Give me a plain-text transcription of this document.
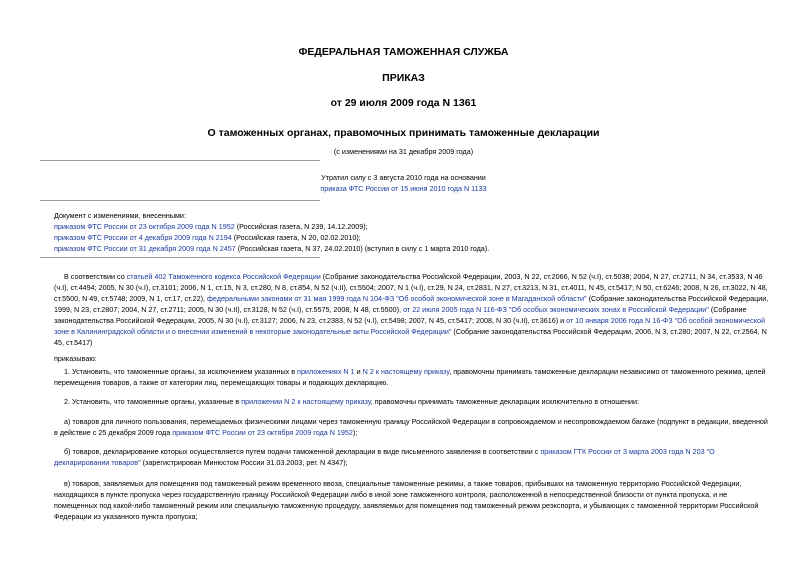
ФЕДЕРАЛЬНАЯ ТАМОЖЕННАЯ СЛУЖБА
ПРИКАЗ
от 29 июля 2009 года N 1361
О таможенных органах, правомочных принимать таможенные декларации
(с изменениями на 31 декабря 2009 года)
Утратил силу с 3 августа 2010 года на основании
приказа ФТС России от 15 июня 2010 года N 1133
Документ с изменениями, внесенными:
приказом ФТС России от 23 октября 2009 года N 1952 (Российская газета, N 239, 14.12.2009);
приказом ФТС России от 4 декабря 2009 года N 2194 (Российская газета, N 20, 02.02.2010);
приказом ФТС России от 31 декабря 2009 года N 2457 (Российская газета, N 37, 24.02.2010) (вступил в силу с 1 марта 2010 года).
В соответствии со статьей 402 Таможенного кодекса Российской Федерации (Собрание законодательства Российской Федерации, 2003, N 22, ст.2066, N 52 (ч.I), ст.5038; 2004, N 27, ст.2711, N 34, ст.3533, N 46 (ч.I), ст.4494; 2005, N 30 (ч.I), ст.3101; 2006, N 1, ст.15, N 3, ст.280, N 8, ст.854, N 52 (ч.II), ст.5504; 2007, N 1 (ч.I), ст.29, N 24, ст.2831, N 27, ст.3213, N 31, ст.4011, N 45, ст.5417; N 50, ст.6246; 2008, N 26, ст.3022, N 48, ст.5500, N 49, ст.5748; 2009, N 1, ст.17, ст.22), федеральными законами от 31 мая 1999 года N 104-ФЗ "Об особой экономической зоне в Магаданской области" (Собрание законодательства Российской Федерации, 1999, N 23, ст.2807; 2004, N 27, ст.2711; 2005, N 30 (ч.II), ст.3128, N 52 (ч.I), ст.5575, 2008, N 48, ст.5500), от 22 июля 2005 года N 116-ФЗ "Об особых экономических зонах в Российской Федерации" (Собрание законодательства Российской Федерации, 2005, N 30 (ч.I), ст.3127; 2006, N 23, ст.2383, N 52 (ч.I), ст.5498; 2007, N 45, ст.5417; 2008, N 30 (ч.II), ст.3616) и от 10 января 2006 года N 16-ФЗ "Об особой экономической зоне в Калининградской области и о внесении изменений в некоторые законодательные акты Российской Федерации" (Собрание законодательства Российской Федерации, 2006, N 3, ст.280; 2007, N 22, ст.2564, N 45, ст.5417)
приказываю:
1. Установить, что таможенные органы, за исключением указанных в приложениях N 1 и N 2 к настоящему приказу, правомочны принимать таможенные декларации независимо от таможенного режима, целей перемещения товаров, а также от категории лиц, перемещающих товары и подающих декларацию.
2. Установить, что таможенные органы, указанные в приложении N 2 к настоящему приказу, правомочны принимать таможенные декларации исключительно в отношении:
а) товаров для личного пользования, перемещаемых физическими лицами через таможенную границу Российской Федерации в сопровождаемом и несопровождаемом багаже (подпункт в редакции, введенной в действие с 25 декабря 2009 года приказом ФТС России от 23 октября 2009 года N 1952);
б) товаров, декларирование которых осуществляется путем подачи таможенной декларации в виде письменного заявления в соответствии с приказом ГТК России от 3 марта 2003 года N 203 "О декларировании товаров" (зарегистрирован Минюстом России 31.03.2003, рег. N 4347);
в) товаров, заявляемых для помещения под таможенный режим временного ввоза, специальные таможенные режимы, а также товаров, прибывших на таможенную территорию Российской Федерации, находящихся в пункте пропуска через государственную границу Российской Федерации либо в иной зоне таможенного контроля, расположенной в непосредственной близости от пункта пропуска, и не помещенных под какой-либо таможенный режим или специальную таможенную процедуру, заявляемых для помещения под таможенный режим реэкспорта, и убывающих с таможенной территории Российской Федерации из указанного пункта пропуска;
